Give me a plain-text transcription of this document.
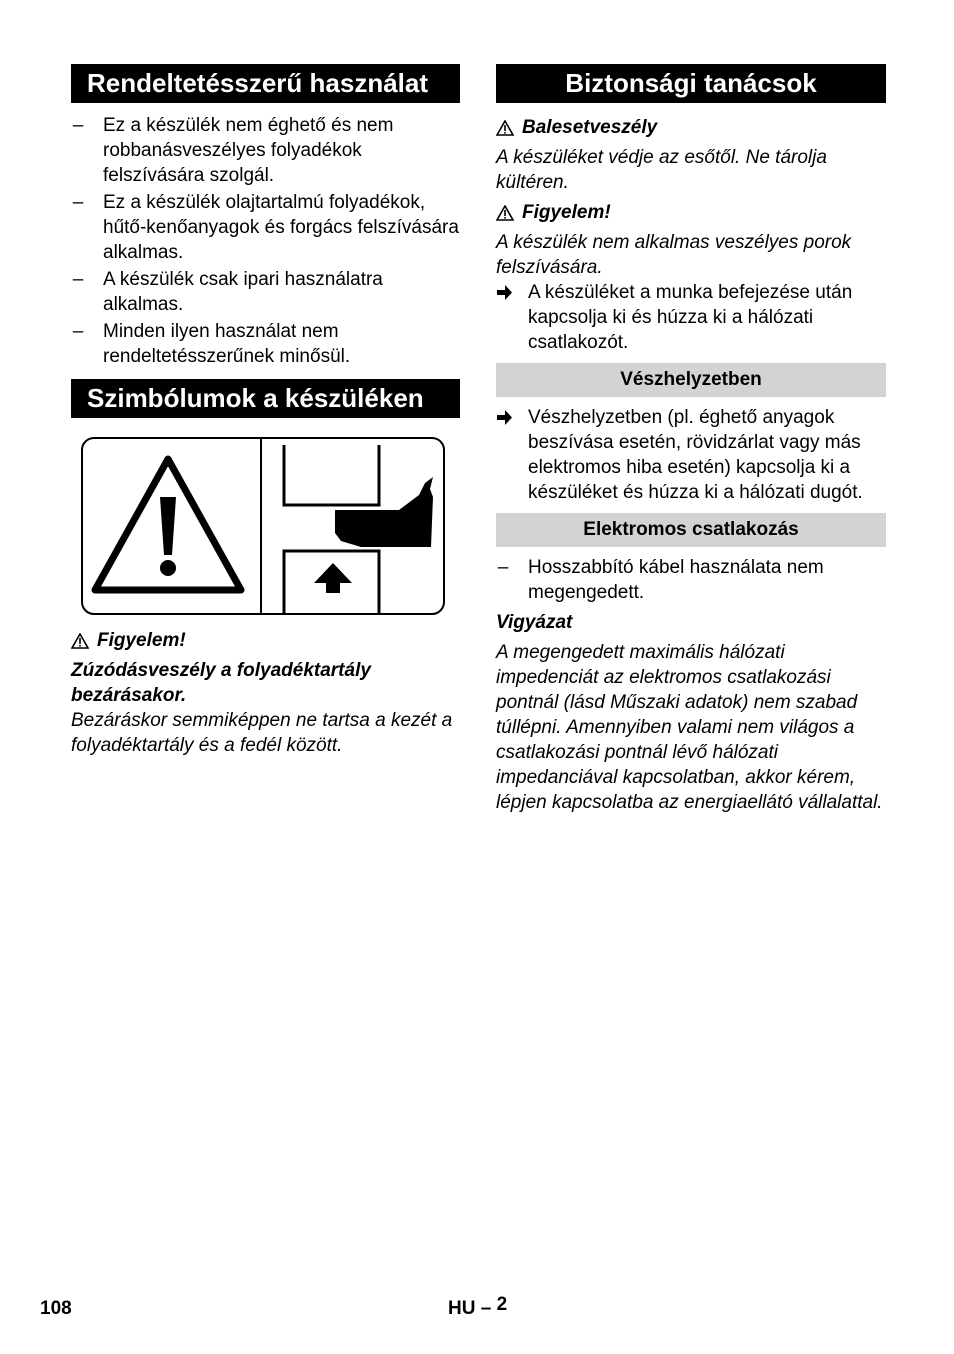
Rendeltetésszerű használat
– Ez a készülék nem éghető és nem robbanásveszélyes folyadékok felszívására szolgál.
– Ez a készülék olajtartalmú folyadékok, hűtő-kenőanyagok és forgács felszívására alkalmas.
– A készülék csak ipari használatra alkalmas.
– Minden ilyen használat nem rendeltetésszerűnek minősül.
Szimbólumok a készüléken
Figyelem!

Zúzódásveszély a folyadéktartály bezárásakor.

Bezáráskor semmiképpen ne tartsa a kezét a folyadéktartály és a fedél között.

Biztonsági tanácsok
Balesetveszély

A készüléket védje az esőtől. Ne tárolja kültéren.

Figyelem!

A készülék nem alkalmas veszélyes porok felszívására.

A készüléket a munka befejezése után kapcsolja ki és húzza ki a hálózati csatlakozót.
Vészhelyzetben
Vészhelyzetben (pl. éghető anyagok beszívása esetén, rövidzárlat vagy más elektromos hiba esetén) kapcsolja ki a készüléket és húzza ki a hálózati dugót.
Elektromos csatlakozás
– Hosszabbító kábel használata nem megengedett.

Vigyázat

A megengedett maximális hálózati impedenciát az elektromos csatlakozási pontnál (lásd Műszaki adatok) nem szabad túllépni. Amennyiben valami nem világos a csatlakozási pontnál lévő hálózati impedanciával kapcsolatban, akkor kérem, lépjen kapcsolatba az energiaellátó vállalattal.

108	HU – 2
